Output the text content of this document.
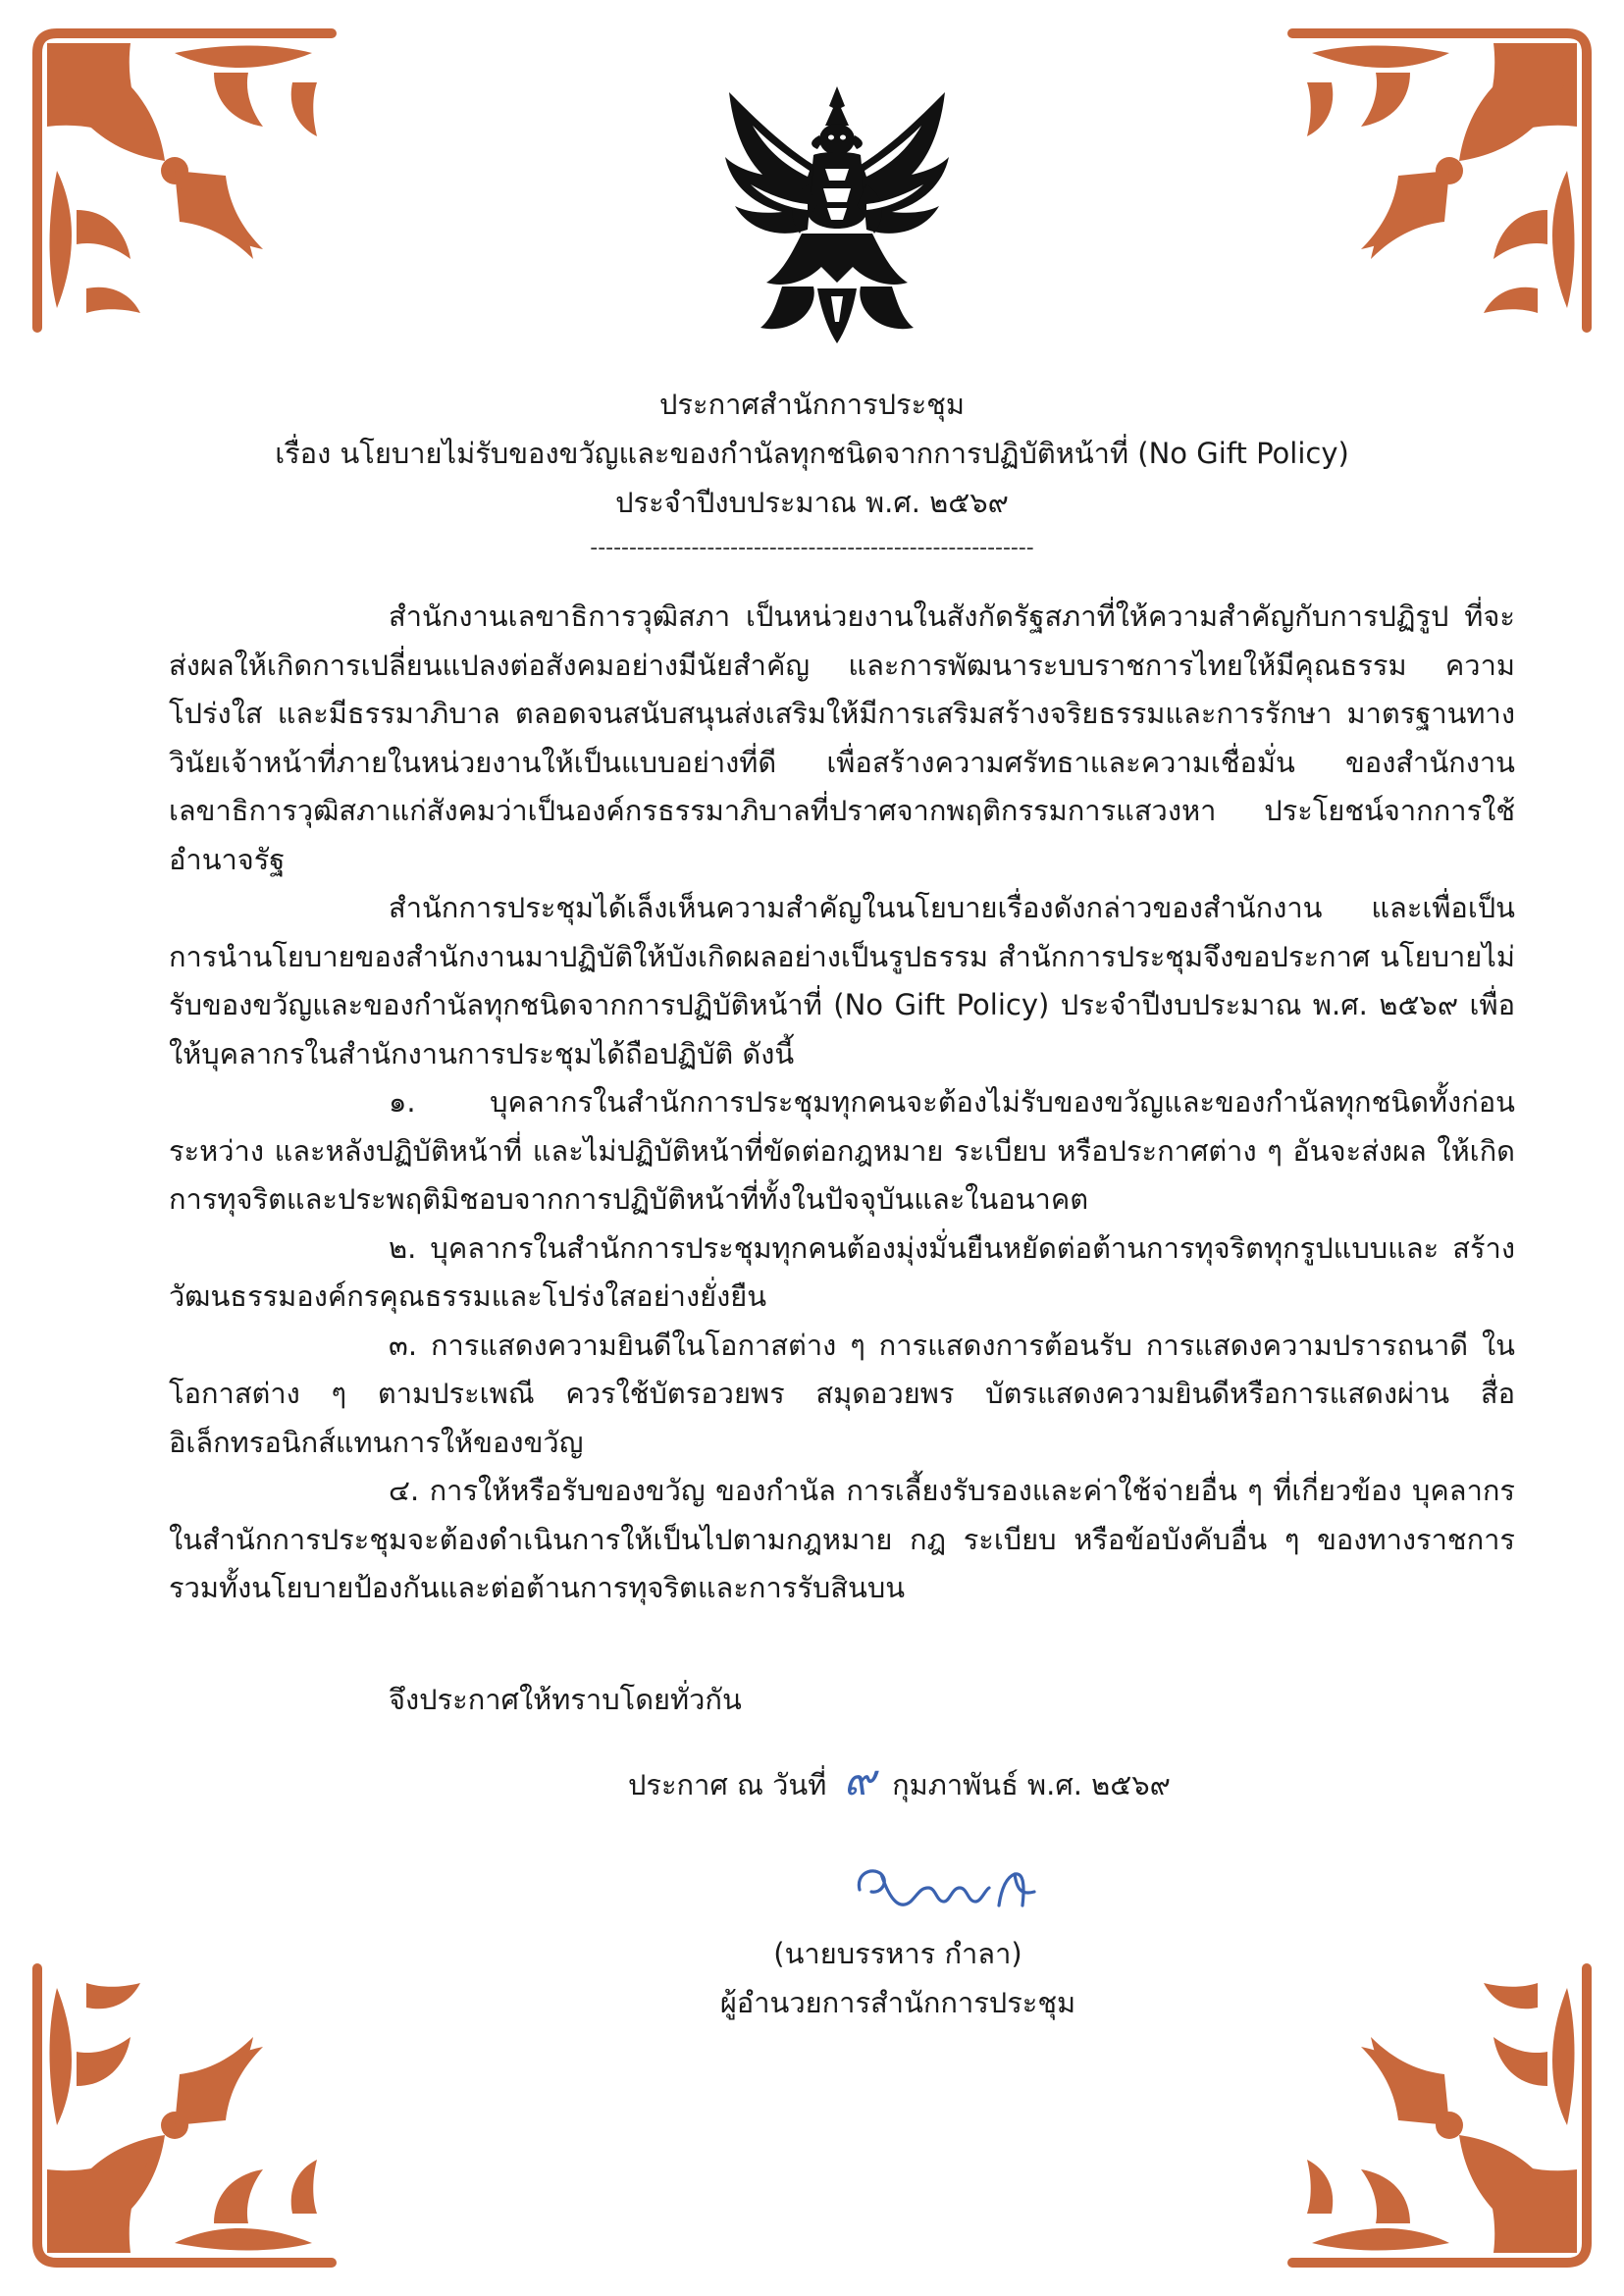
ประกาศสำนักการประชุม
เรื่อง นโยบายไม่รับของขวัญและของกำนัลทุกชนิดจากการปฏิบัติหน้าที่ (No Gift Policy)
ประจำปีงบประมาณ พ.ศ. ๒๕๖๙
---------------------------------------------------------

สำนักงานเลขาธิการวุฒิสภา เป็นหน่วยงานในสังกัดรัฐสภาที่ให้ความสำคัญกับการปฏิรูป ที่จะส่งผลให้เกิดการเปลี่ยนแปลงต่อสังคมอย่างมีนัยสำคัญ และการพัฒนาระบบราชการไทยให้มีคุณธรรม ความโปร่งใส และมีธรรมาภิบาล ตลอดจนสนับสนุนส่งเสริมให้มีการเสริมสร้างจริยธรรมและการรักษา มาตรฐานทางวินัยเจ้าหน้าที่ภายในหน่วยงานให้เป็นแบบอย่างที่ดี เพื่อสร้างความศรัทธาและความเชื่อมั่น ของสำนักงานเลขาธิการวุฒิสภาแก่สังคมว่าเป็นองค์กรธรรมาภิบาลที่ปราศจากพฤติกรรมการแสวงหา ประโยชน์จากการใช้อำนาจรัฐ

สำนักการประชุมได้เล็งเห็นความสำคัญในนโยบายเรื่องดังกล่าวของสำนักงาน และเพื่อเป็น การนำนโยบายของสำนักงานมาปฏิบัติให้บังเกิดผลอย่างเป็นรูปธรรม สำนักการประชุมจึงขอประกาศ นโยบายไม่รับของขวัญและของกำนัลทุกชนิดจากการปฏิบัติหน้าที่ (No Gift Policy) ประจำปีงบประมาณ พ.ศ. ๒๕๖๙ เพื่อให้บุคลากรในสำนักงานการประชุมได้ถือปฏิบัติ ดังนี้

๑. บุคลากรในสำนักการประชุมทุกคนจะต้องไม่รับของขวัญและของกำนัลทุกชนิดทั้งก่อน ระหว่าง และหลังปฏิบัติหน้าที่ และไม่ปฏิบัติหน้าที่ขัดต่อกฎหมาย ระเบียบ หรือประกาศต่าง ๆ อันจะส่งผล ให้เกิดการทุจริตและประพฤติมิชอบจากการปฏิบัติหน้าที่ทั้งในปัจจุบันและในอนาคต

๒. บุคลากรในสำนักการประชุมทุกคนต้องมุ่งมั่นยืนหยัดต่อต้านการทุจริตทุกรูปแบบและ สร้างวัฒนธรรมองค์กรคุณธรรมและโปร่งใสอย่างยั่งยืน

๓. การแสดงความยินดีในโอกาสต่าง ๆ การแสดงการต้อนรับ การแสดงความปรารถนาดี ในโอกาสต่าง ๆ ตามประเพณี ควรใช้บัตรอวยพร สมุดอวยพร บัตรแสดงความยินดีหรือการแสดงผ่าน สื่ออิเล็กทรอนิกส์แทนการให้ของขวัญ

๔. การให้หรือรับของขวัญ ของกำนัล การเลี้ยงรับรองและค่าใช้จ่ายอื่น ๆ ที่เกี่ยวข้อง บุคลากรในสำนักการประชุมจะต้องดำเนินการให้เป็นไปตามกฎหมาย กฎ ระเบียบ หรือข้อบังคับอื่น ๆ ของทางราชการ รวมทั้งนโยบายป้องกันและต่อต้านการทุจริตและการรับสินบน

จึงประกาศให้ทราบโดยทั่วกัน
ประกาศ ณ วันที่ ๙ กุมภาพันธ์ พ.ศ. ๒๕๖๙
(นายบรรหาร กำลา)
ผู้อำนวยการสำนักการประชุม
